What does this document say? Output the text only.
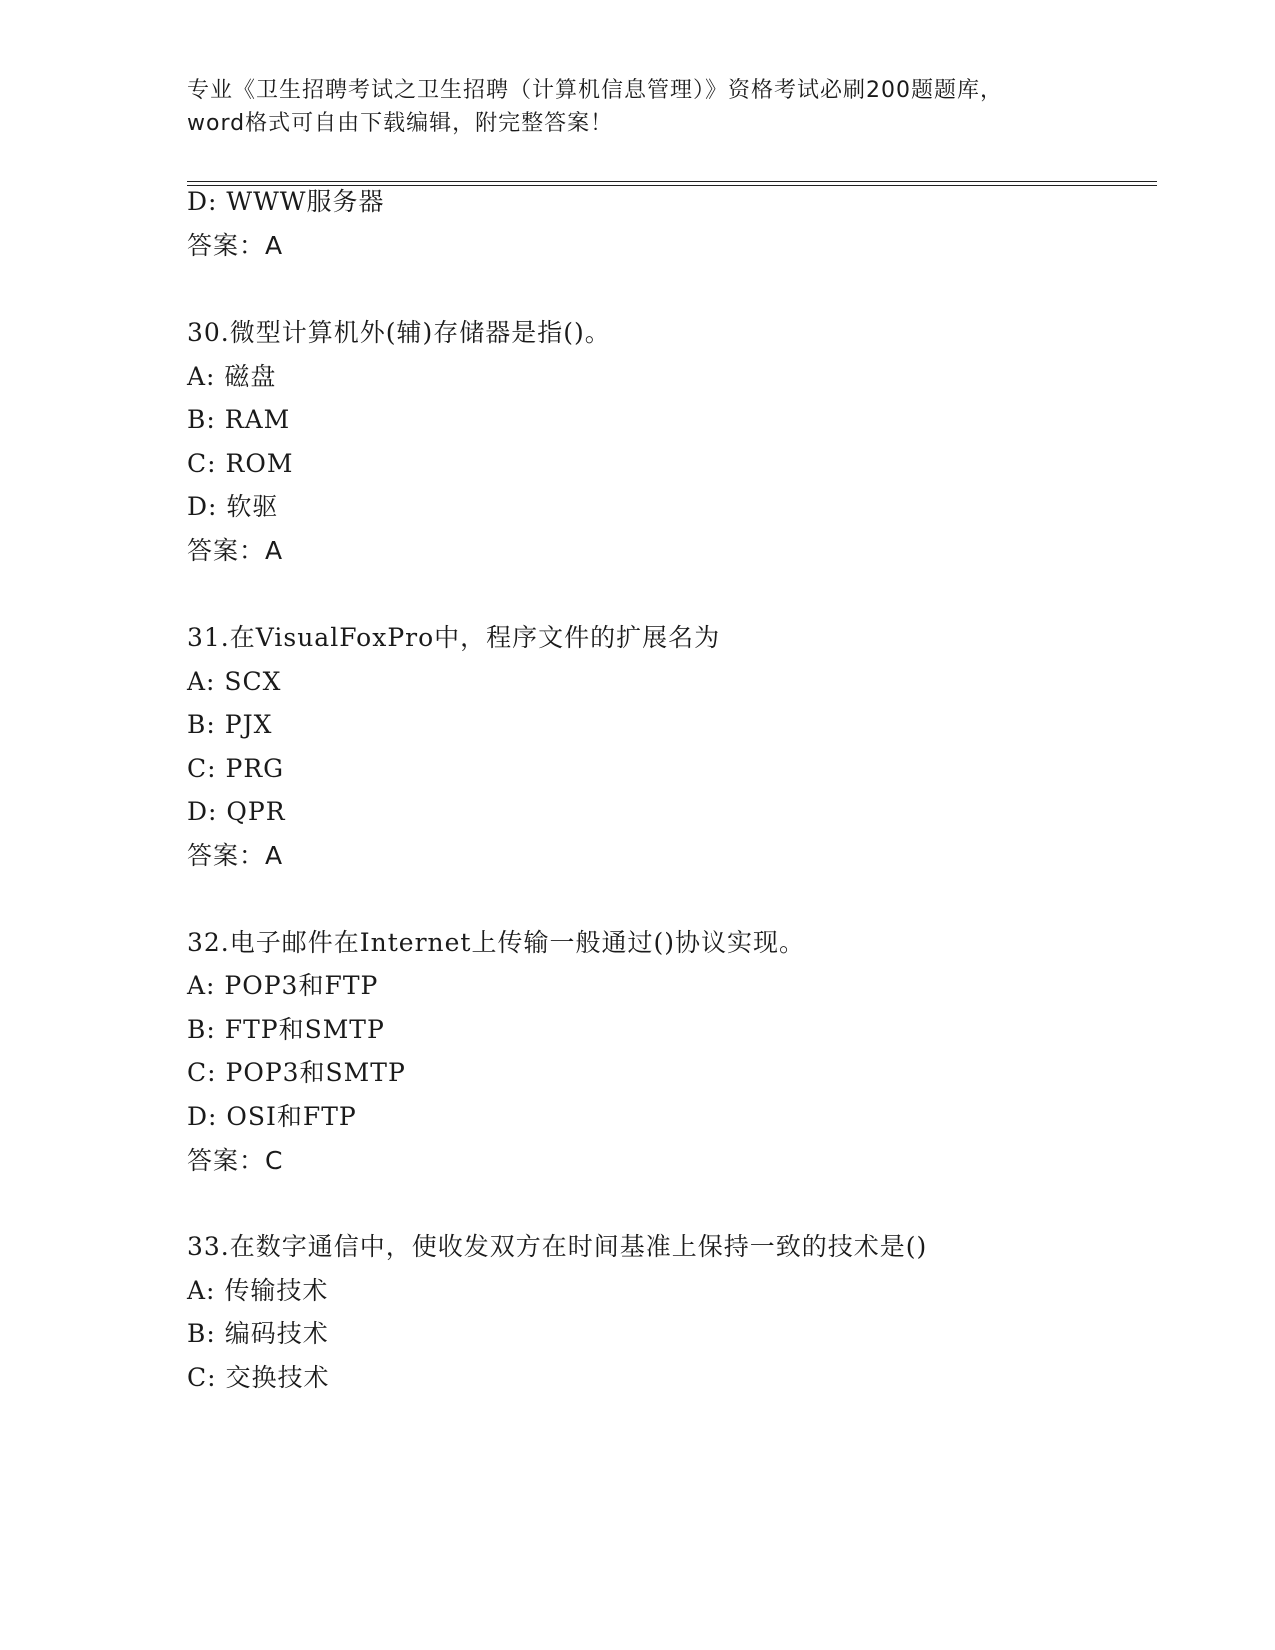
专业《卫生招聘考试之卫生招聘（计算机信息管理）》资格考试必刷200题题库，
word格式可自由下载编辑，附完整答案！
D: WWW服务器
答案：A
30.微型计算机外(辅)存储器是指()。
A: 磁盘
B: RAM
C: ROM
D: 软驱
答案：A
31.在VisualFoxPro中，程序文件的扩展名为
A: SCX
B: PJX
C: PRG
D: QPR
答案：A
32.电子邮件在Internet上传输一般通过()协议实现。
A: POP3和FTP
B: FTP和SMTP
C: POP3和SMTP
D: OSI和FTP
答案：C
33.在数字通信中，使收发双方在时间基准上保持一致的技术是()
A: 传输技术
B: 编码技术
C: 交换技术
